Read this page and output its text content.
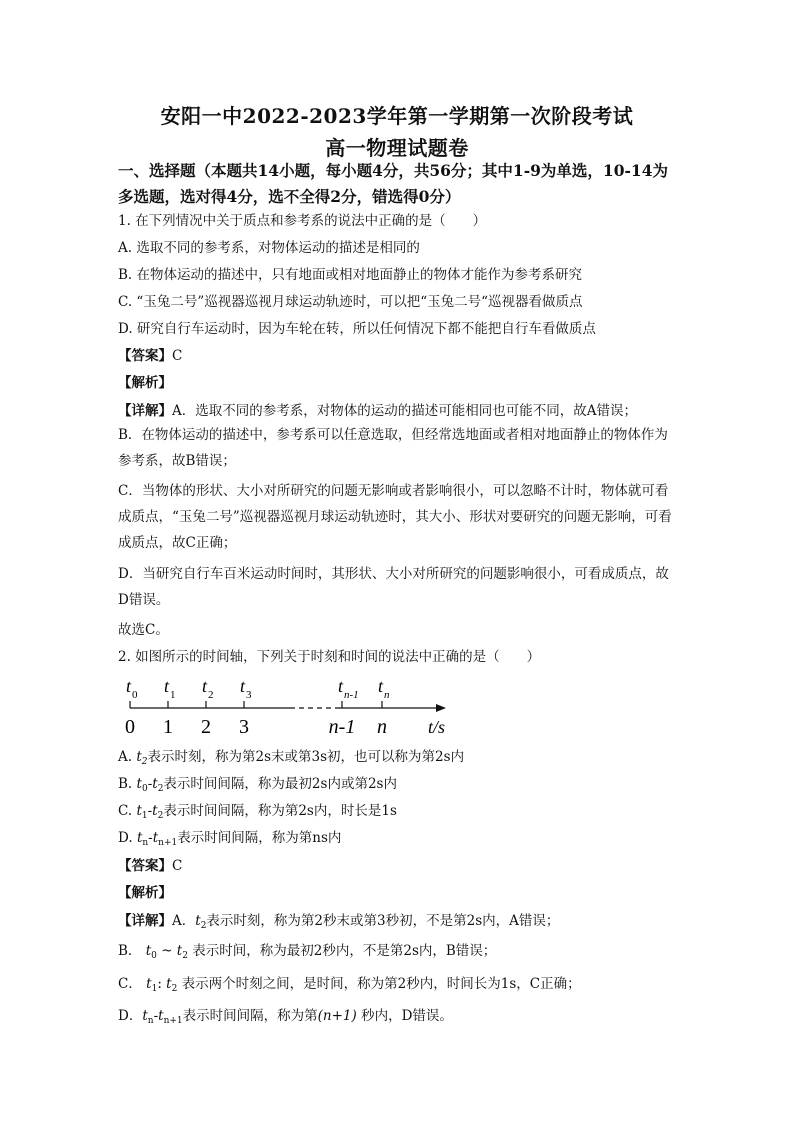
安阳一中2022-2023学年第一学期第一次阶段考试
高一物理试题卷
一、选择题（本题共14小题，每小题4分，共56分；其中1-9为单选，10-14为多选题，选对得4分，选不全得2分，错选得0分）
1. 在下列情况中关于质点和参考系的说法中正确的是（　　）
A. 选取不同的参考系，对物体运动的描述是相同的
B. 在物体运动的描述中，只有地面或相对地面静止的物体才能作为参考系研究
C. “玉兔二号”巡视器巡视月球运动轨迹时，可以把“玉兔二号“巡视器看做质点
D. 研究自行车运动时，因为车轮在转，所以任何情况下都不能把自行车看做质点
【答案】C
【解析】
【详解】A．选取不同的参考系，对物体的运动的描述可能相同也可能不同，故A错误；
B．在物体运动的描述中，参考系可以任意选取，但经常选地面或者相对地面静止的物体作为参考系，故B错误；
C．当物体的形状、大小对所研究的问题无影响或者影响很小，可以忽略不计时，物体就可看成质点，“玉兔二号”巡视器巡视月球运动轨迹时，其大小、形状对要研究的问题无影响，可看成质点，故C正确；
D．当研究自行车百米运动时间时，其形状、大小对所研究的问题影响很小，可看成质点，故D错误。
故选C。
2. 如图所示的时间轴，下列关于时刻和时间的说法中正确的是（　　）
t 0
0
t 1
1
t 2
2
t 3
3
t n-1
n-1
t n
n t/s
A. $t_2$表示时刻，称为第2s末或第3s初，也可以称为第2s内
B. $t_0-t_2$表示时间间隔，称为最初2s内或第2s内
C. $t_1-t_2$表示时间间隔，称为第2s内，时长是1s
D. $t_n-t_{n+1}$表示时间间隔，称为第ns内
【答案】C
【解析】
【详解】A．$t_2$表示时刻，称为第2秒末或第3秒初，不是第2s内，A错误；
B． $t_0$ ~ $t_2$ 表示时间，称为最初2秒内，不是第2s内，B错误；
C． $t_1$: $t_2$ 表示两个时刻之间，是时间，称为第2秒内，时间长为1s，C正确；
D．$t_n-t_{n+1}$表示时间间隔，称为第(n+1) 秒内，D错误。
